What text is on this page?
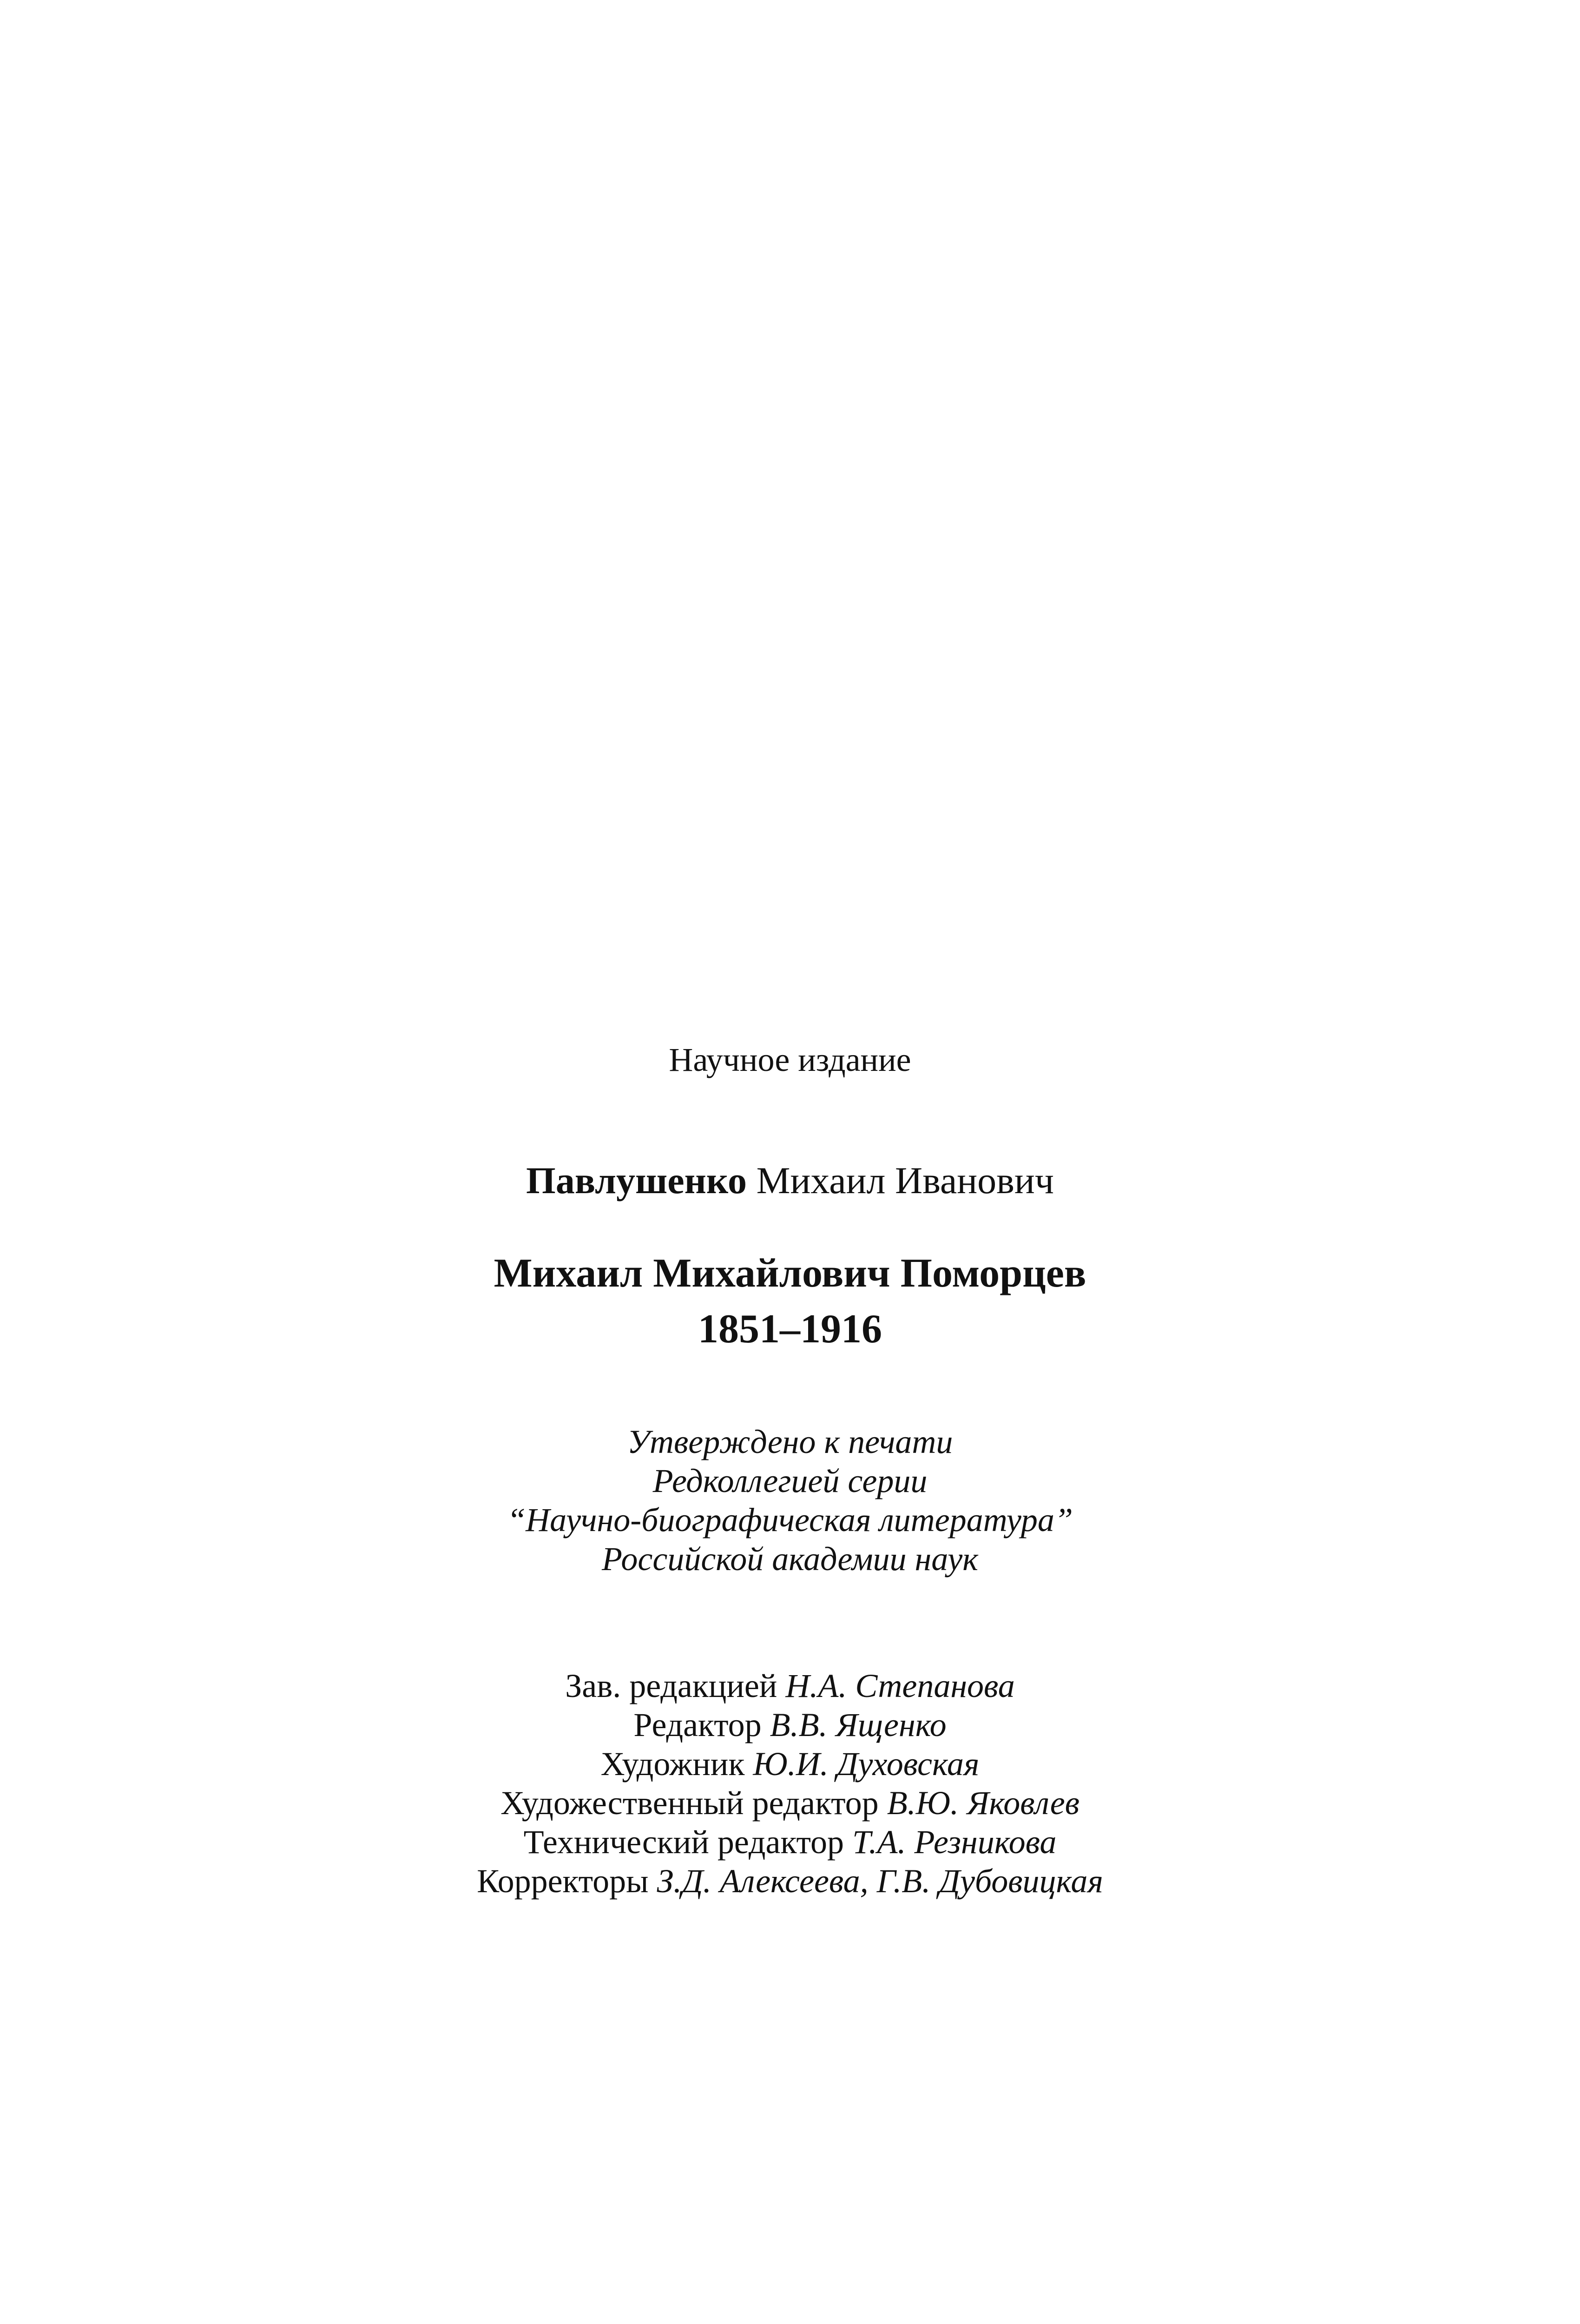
Научное издание
Павлушенко Михаил Иванович
Михаил Михайлович Поморцев
1851–1916
Утверждено к печати
Редколлегией серии
“Научно-биографическая литература”
Российской академии наук
Зав. редакцией Н.А. Степанова
Редактор В.В. Ященко
Художник Ю.И. Духовская
Художественный редактор В.Ю. Яковлев
Технический редактор Т.А. Резникова
Корректоры З.Д. Алексеева, Г.В. Дубовицкая
